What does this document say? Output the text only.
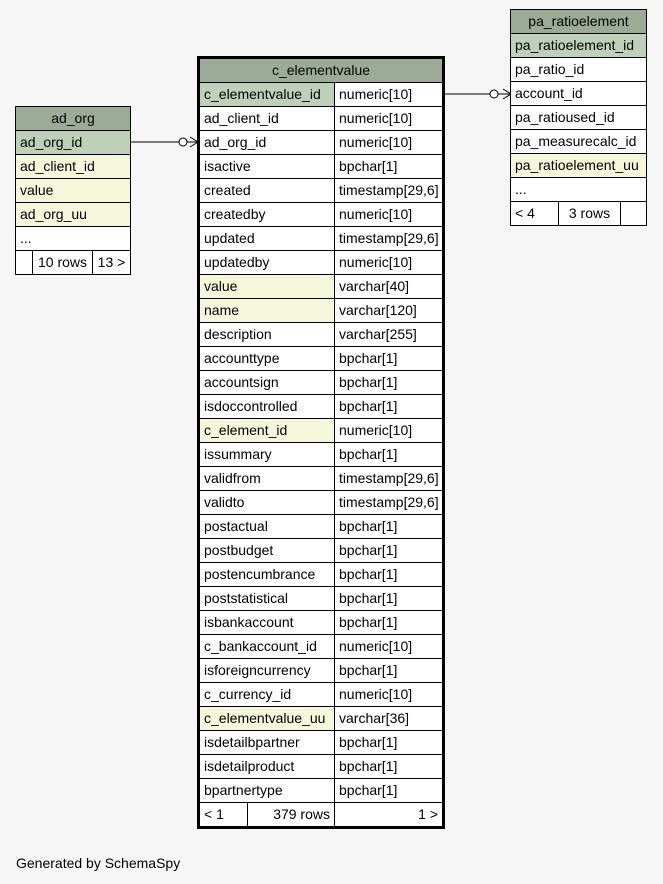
ad_org
ad_org_id
ad_client_id
value
ad_org_uu
...
10 rows 13 >
c_elementvalue
c_elementvalue_id	numeric[10]
ad_client_id	numeric[10]
ad_org_id	numeric[10]
isactive	bpchar[1]
created	timestamp[29,6]
createdby	numeric[10]
updated	timestamp[29,6]
updatedby	numeric[10]
value	varchar[40]
name	varchar[120]
description	varchar[255]
accounttype	bpchar[1]
accountsign	bpchar[1]
isdoccontrolled	bpchar[1]
c_element_id	numeric[10]
issummary	bpchar[1]
validfrom	timestamp[29,6]
validto	timestamp[29,6]
postactual	bpchar[1]
postbudget	bpchar[1]
postencumbrance	bpchar[1]
poststatistical	bpchar[1]
isbankaccount	bpchar[1]
c_bankaccount_id	numeric[10]
isforeigncurrency	bpchar[1]
c_currency_id	numeric[10]
c_elementvalue_uu varchar[36]
isdetailbpartner	bpchar[1]
isdetailproduct	bpchar[1]
bpartnertype	bpchar[1]
< 1	379 rows	1 >
pa_ratioelement
pa_ratioelement_id
pa_ratio_id
account_id
pa_ratioused_id
pa_measurecalc_id
pa_ratioelement_uu
...
< 4	3 rows
Generated by SchemaSpy
